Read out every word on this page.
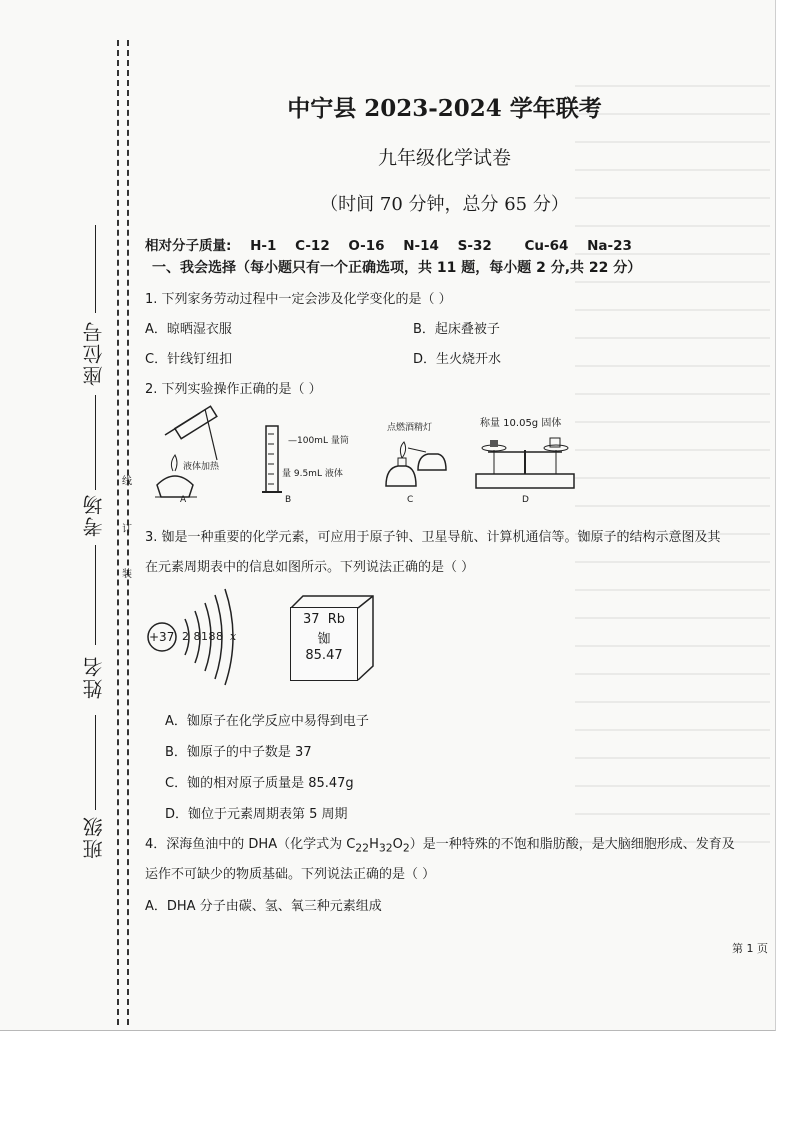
座位号
考场
姓名
班级
线
订
装
中宁县 2023-2024 学年联考
九年级化学试卷
（时间 70 分钟，总分 65 分）
相对分子质量: H-1 C-12 O-16 N-14 S-32 Cu-64 Na-23
一、我会选择（每小题只有一个正确选项，共 11 题，每小题 2 分,共 22 分）
1. 下列家务劳动过程中一定会涉及化学变化的是（ ）
A．晾晒湿衣服	B．起床叠被子
C．针线钉纽扣	D．生火烧开水
2. 下列实验操作正确的是（ ）
液体加热
A
—100mL 量筒
量 9.5mL 液体
B
点燃酒精灯
C
称量 10.05g 固体
D
3. 铷是一种重要的化学元素，可应用于原子钟、卫星导航、计算机通信等。铷原子的结构示意图及其
在元素周期表中的信息如图所示。下列说法正确的是（ ）
+37 2 8188 x
37 Rb
铷
85.47
A．铷原子在化学反应中易得到电子
B．铷原子的中子数是 37
C．铷的相对原子质量是 85.47g
D．铷位于元素周期表第 5 周期
4．深海鱼油中的 DHA（化学式为 $C_{22}H_{32}O_2$）是一种特殊的不饱和脂肪酸，是大脑细胞形成、发育及
运作不可缺少的物质基础。下列说法正确的是（ ）
A．DHA 分子由碳、氢、氧三种元素组成
第 1 页
